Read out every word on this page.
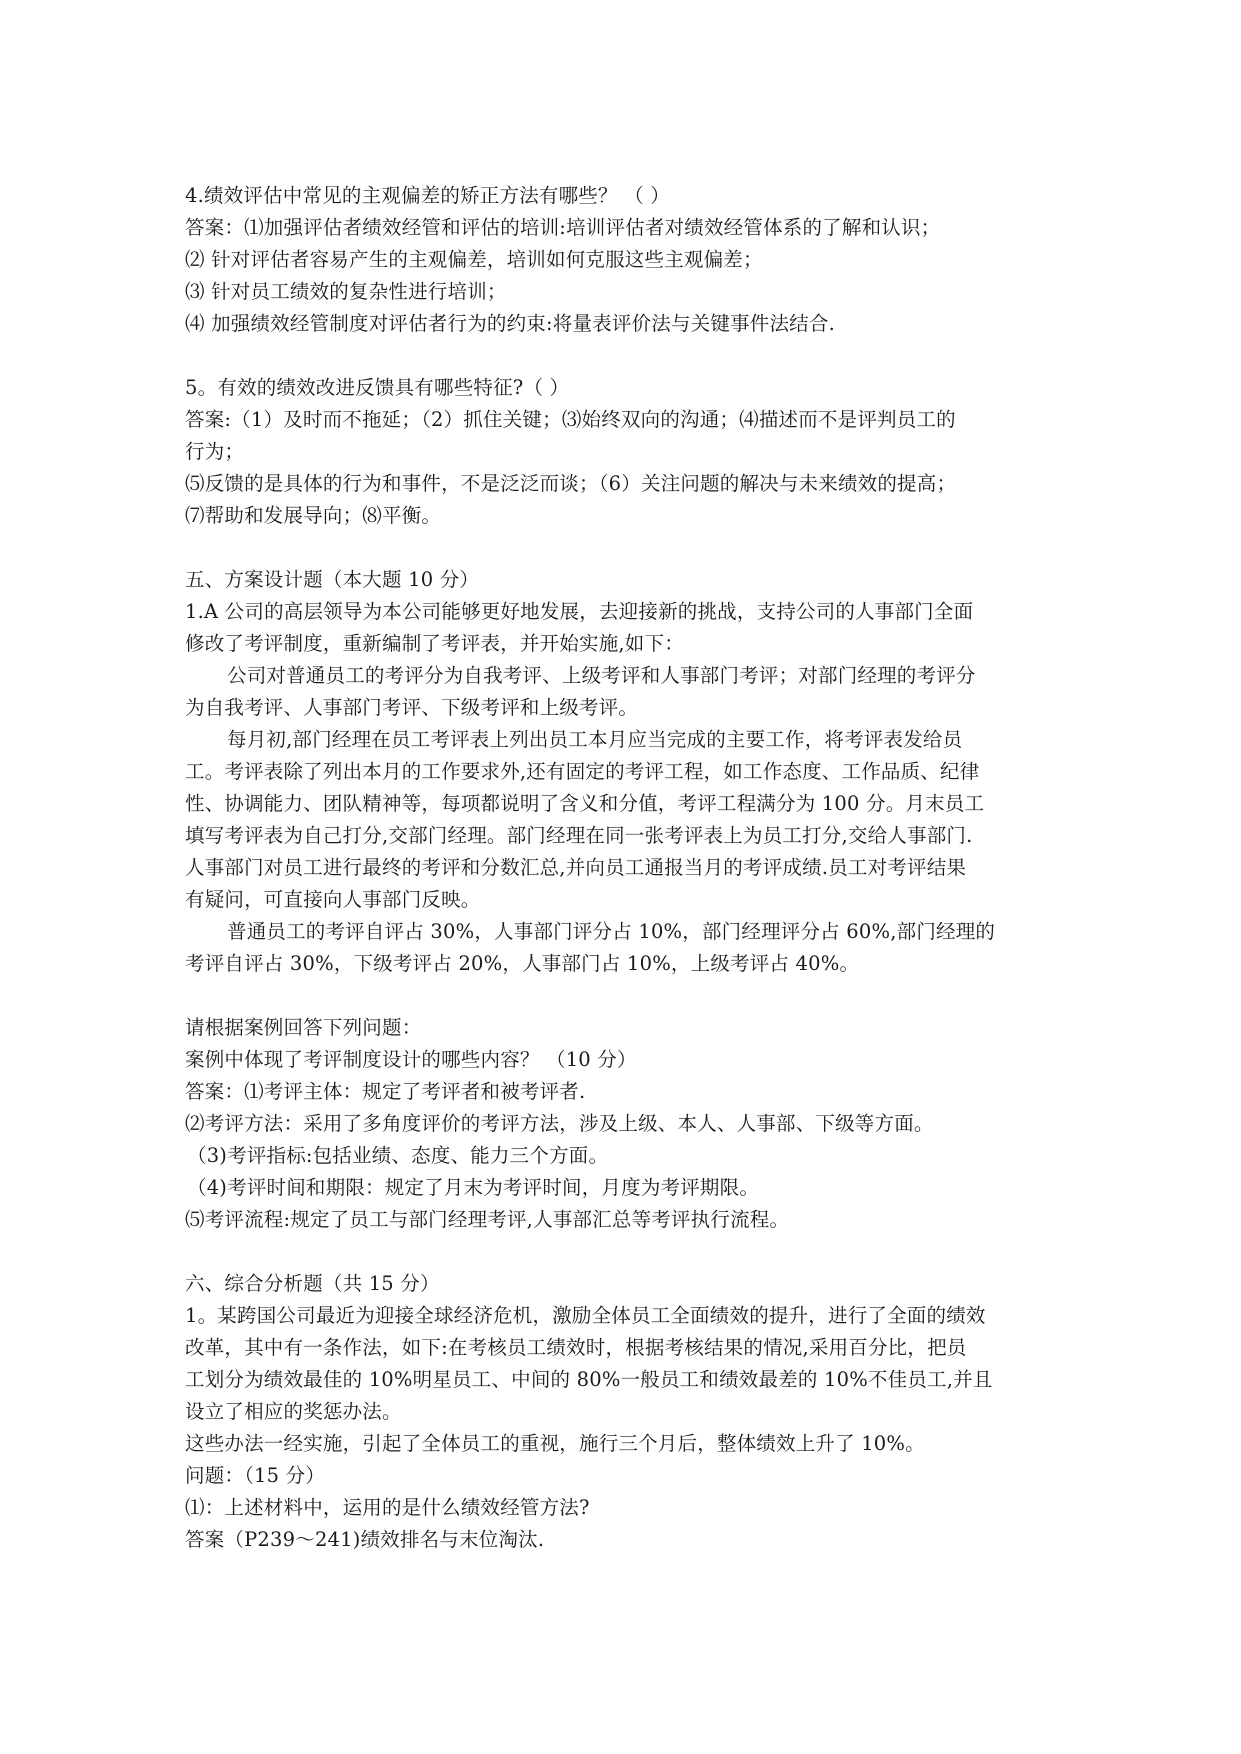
4.绩效评估中常见的主观偏差的矫正方法有哪些？ （ ）
答案：⑴加强评估者绩效经管和评估的培训:培训评估者对绩效经管体系的了解和认识；
⑵ 针对评估者容易产生的主观偏差，培训如何克服这些主观偏差；
⑶ 针对员工绩效的复杂性进行培训；
⑷ 加强绩效经管制度对评估者行为的约束:将量表评价法与关键事件法结合.
5。有效的绩效改进反馈具有哪些特征?（ ）
答案:（1）及时而不拖延；（2）抓住关键；⑶始终双向的沟通；⑷描述而不是评判员工的
行为；
⑸反馈的是具体的行为和事件，不是泛泛而谈；（6）关注问题的解决与未来绩效的提高；
⑺帮助和发展导向；⑻平衡。
五、方案设计题（本大题 10 分）
1.A 公司的高层领导为本公司能够更好地发展，去迎接新的挑战，支持公司的人事部门全面
修改了考评制度，重新编制了考评表，并开始实施,如下：
公司对普通员工的考评分为自我考评、上级考评和人事部门考评；对部门经理的考评分
为自我考评、人事部门考评、下级考评和上级考评。
每月初,部门经理在员工考评表上列出员工本月应当完成的主要工作，将考评表发给员
工。考评表除了列出本月的工作要求外,还有固定的考评工程，如工作态度、工作品质、纪律
性、协调能力、团队精神等，每项都说明了含义和分值，考评工程满分为 100 分。月末员工
填写考评表为自己打分,交部门经理。部门经理在同一张考评表上为员工打分,交给人事部门.
人事部门对员工进行最终的考评和分数汇总,并向员工通报当月的考评成绩.员工对考评结果
有疑问，可直接向人事部门反映。
普通员工的考评自评占 30%，人事部门评分占 10%，部门经理评分占 60%,部门经理的
考评自评占 30%，下级考评占 20%，人事部门占 10%，上级考评占 40%。
请根据案例回答下列问题：
案例中体现了考评制度设计的哪些内容？ （10 分）
答案：⑴考评主体：规定了考评者和被考评者.
⑵考评方法：采用了多角度评价的考评方法，涉及上级、本人、人事部、下级等方面。
（3)考评指标:包括业绩、态度、能力三个方面。
（4)考评时间和期限：规定了月末为考评时间，月度为考评期限。
⑸考评流程:规定了员工与部门经理考评,人事部汇总等考评执行流程。
六、综合分析题（共 15 分）
1。某跨国公司最近为迎接全球经济危机，激励全体员工全面绩效的提升，进行了全面的绩效
改革，其中有一条作法，如下:在考核员工绩效时，根据考核结果的情况,采用百分比，把员
工划分为绩效最佳的 10%明星员工、中间的 80%一般员工和绩效最差的 10%不佳员工,并且
设立了相应的奖惩办法。
这些办法一经实施，引起了全体员工的重视，施行三个月后，整体绩效上升了 10%。
问题：（15 分）
⑴：上述材料中，运用的是什么绩效经管方法?
答案（P239～241)绩效排名与末位淘汰.
